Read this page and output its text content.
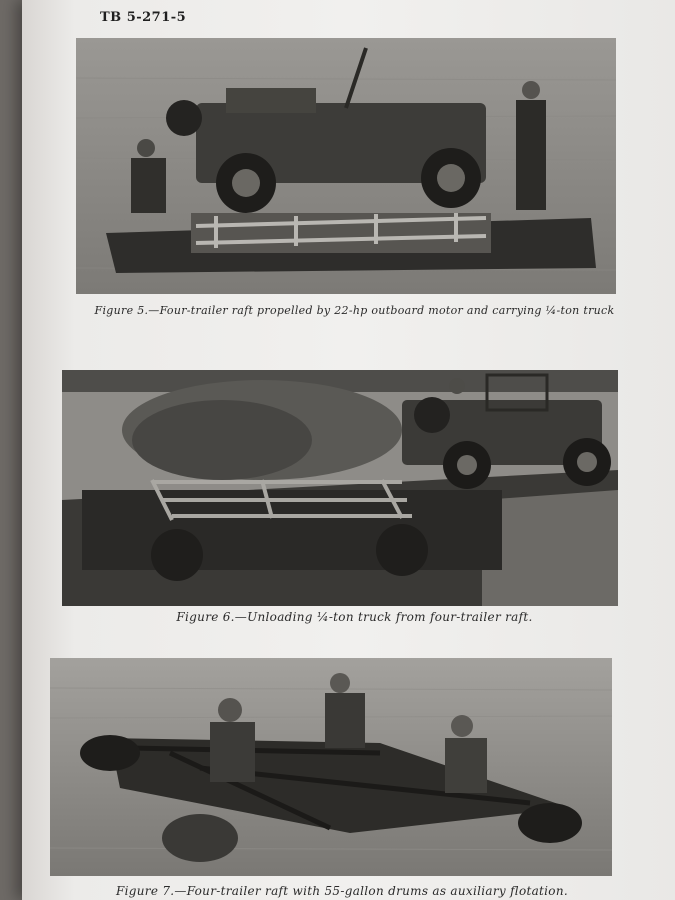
TB 5-271-5
Figure 5.—Four-trailer raft propelled by 22-hp outboard motor and carrying ¼-ton truck
Figure 6.—Unloading ¼-ton truck from four-trailer raft.
Figure 7.—Four-trailer raft with 55-gallon drums as auxiliary flotation.
